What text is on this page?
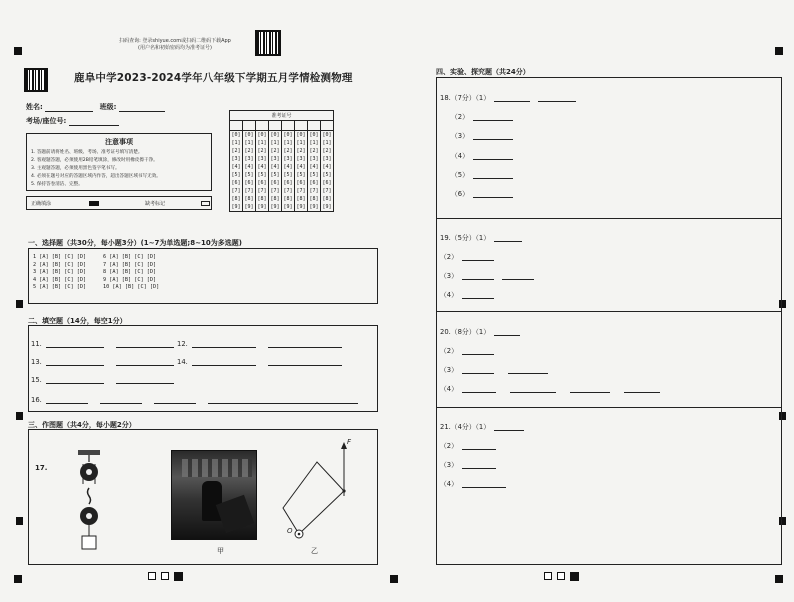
扫码查询: 登录shiyue.com或扫码二维码下载App
(用户名和初始密码均为准考证号)
鹿阜中学2023-2024学年八年级下学期五月学情检测物理
姓名:	班级:
考场/座位号:
注意事项
1. 答题前请将姓名、班级、考场、准考证号填写清楚。
2. 客观题答题，必须使用2B铅笔填涂，修改时用橡皮擦干净。
3. 主观题答题，必须使用黑色签字笔书写。
4. 必须在题号对应的答题区域内作答，超出答题区域书写无效。
5. 保持答卷清洁、完整。
正确填涂	缺考标记
准考证号							

[0]	[0]	[0]	[0]	[0]	[0]	[0]	[0]
[1]	[1]	[1]	[1]	[1]	[1]	[1]	[1]
[2]	[2]	[2]	[2]	[2]	[2]	[2]	[2]
[3]	[3]	[3]	[3]	[3]	[3]	[3]	[3]
[4]	[4]	[4]	[4]	[4]	[4]	[4]	[4]
[5]	[5]	[5]	[5]	[5]	[5]	[5]	[5]
[6]	[6]	[6]	[6]	[6]	[6]	[6]	[6]
[7]	[7]	[7]	[7]	[7]	[7]	[7]	[7]
[8]	[8]	[8]	[8]	[8]	[8]	[8]	[8]
[9]	[9]	[9]	[9]	[9]	[9]	[9]	[9]
一、选择题（共30分，每小题3分）(1~7为单选题;8~10为多选题)
1 [A] [B] [C] [D]
2 [A] [B] [C] [D]
3 [A] [B] [C] [D]
4 [A] [B] [C] [D]
5 [A] [B] [C] [D]
6 [A] [B] [C] [D]
7 [A] [B] [C] [D]
8 [A] [B] [C] [D]
9 [A] [B] [C] [D]
10 [A] [B] [C] [D]
二、填空题（14分，每空1分）
11.	12.
13.	14.
15.
16.
三、作图题（共4分，每小题2分）
17.
甲
F
O
乙
四、实验、探究题（共24分）
18.（7分）（1）
（2）
（3）
（4）
（5）
（6）
19.（5分）（1）
（2）
（3）
（4）
20.（8分）（1）
（2）
（3）
（4）
21.（4分）（1）
（2）
（3）
（4）
